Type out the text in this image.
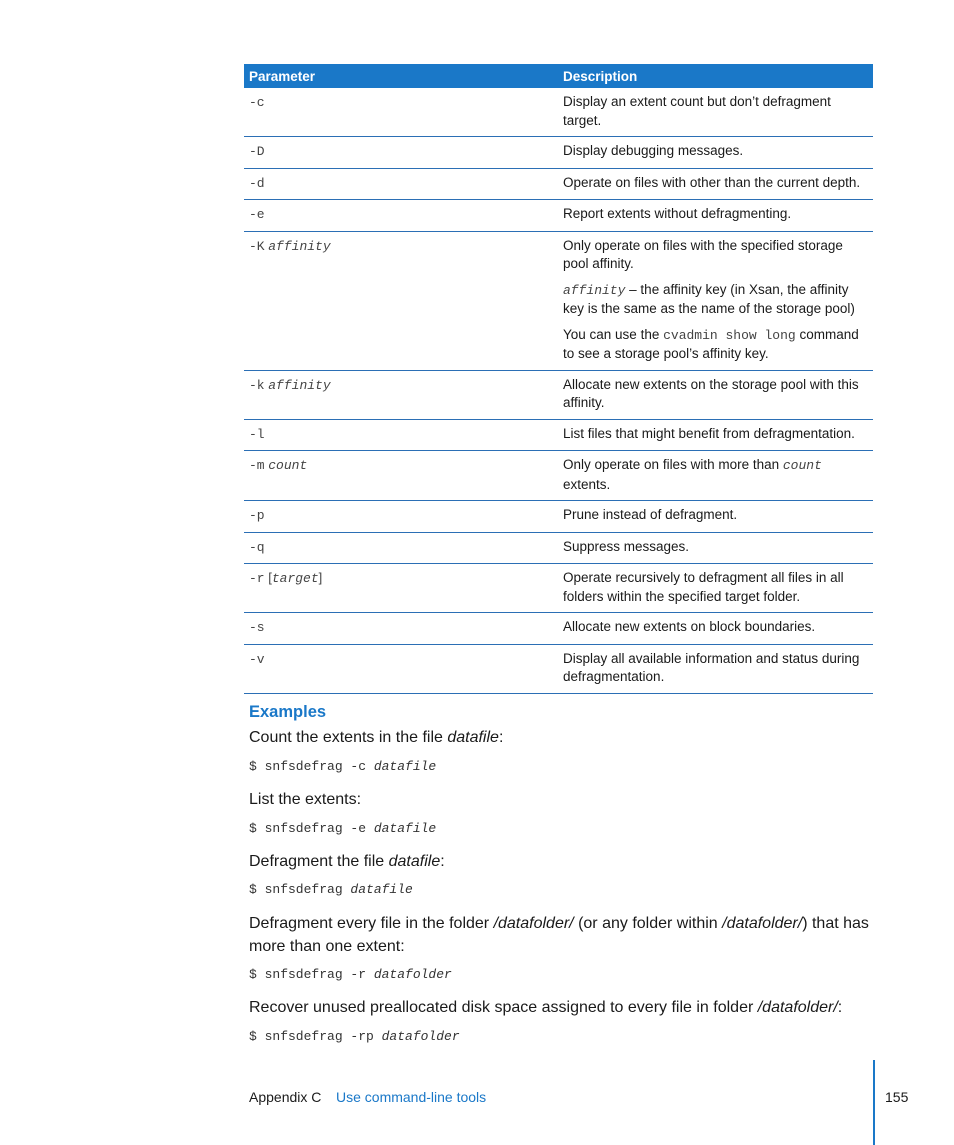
Parameter	Description
-c	Display an extent count but don’t defragment target.

-D	Display debugging messages.

-d	Operate on files with other than the current depth.

-e	Report extents without defragmenting.

-K affinity	Only operate on files with the specified storage pool affinity.

affinity – the affinity key (in Xsan, the affinity key is the same as the name of the storage pool)

You can use the cvadmin show long command to see a storage pool’s affinity key.

-k affinity	Allocate new extents on the storage pool with this affinity.

-l	List files that might benefit from defragmentation.

-m count	Only operate on files with more than count extents.

-p	Prune instead of defragment.

-q	Suppress messages.

-r [target]	Operate recursively to defragment all files in all folders within the specified target folder.

-s	Allocate new extents on block boundaries.

-v	Display all available information and status during defragmentation.

Examples

Count the extents in the file datafile:

$ snfsdefrag -c datafile

List the extents:

$ snfsdefrag -e datafile

Defragment the file datafile:

$ snfsdefrag datafile

Defragment every file in the folder /datafolder/ (or any folder within /datafolder/) that has more than one extent:

$ snfsdefrag -r datafolder

Recover unused preallocated disk space assigned to every file in folder /datafolder/:

$ snfsdefrag -rp datafolder
Appendix C Use command-line tools	155
